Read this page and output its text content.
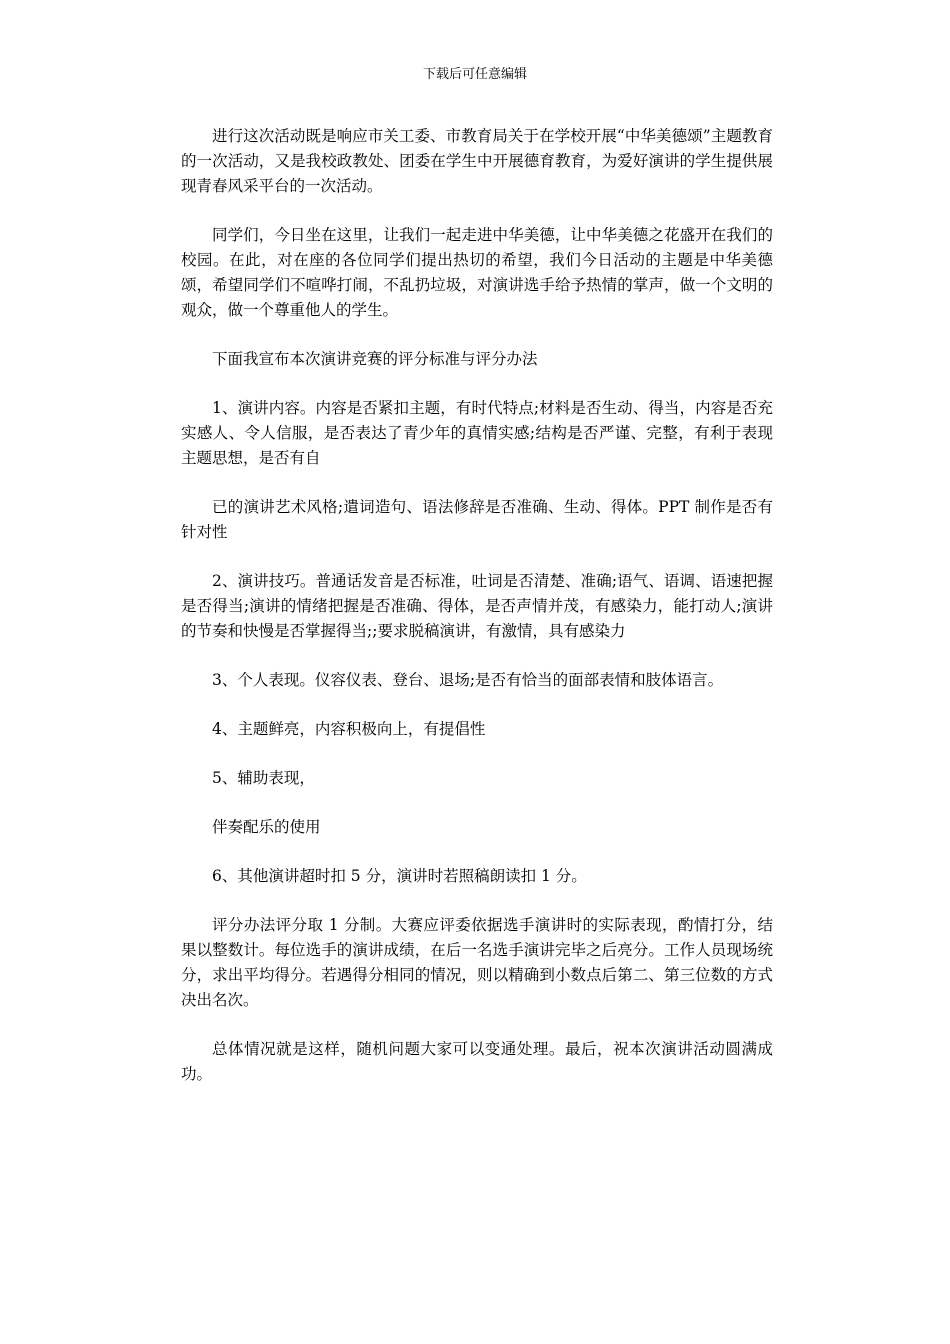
下载后可任意编辑

进行这次活动既是响应市关工委、市教育局关于在学校开展“中华美德颂”主题教育的一次活动，又是我校政教处、团委在学生中开展德育教育，为爱好演讲的学生提供展现青春风采平台的一次活动。

同学们，今日坐在这里，让我们一起走进中华美德，让中华美德之花盛开在我们的校园。在此，对在座的各位同学们提出热切的希望，我们今日活动的主题是中华美德颂，希望同学们不喧哗打闹，不乱扔垃圾，对演讲选手给予热情的掌声，做一个文明的观众，做一个尊重他人的学生。

下面我宣布本次演讲竞赛的评分标准与评分办法

1、演讲内容。内容是否紧扣主题，有时代特点;材料是否生动、得当，内容是否充实感人、令人信服，是否表达了青少年的真情实感;结构是否严谨、完整，有利于表现主题思想，是否有自

已的演讲艺术风格;遣词造句、语法修辞是否准确、生动、得体。PPT 制作是否有针对性

2、演讲技巧。普通话发音是否标准，吐词是否清楚、准确;语气、语调、语速把握是否得当;演讲的情绪把握是否准确、得体，是否声情并茂，有感染力，能打动人;演讲的节奏和快慢是否掌握得当;;要求脱稿演讲，有激情，具有感染力

3、个人表现。仪容仪表、登台、退场;是否有恰当的面部表情和肢体语言。

4、主题鲜亮，内容积极向上，有提倡性

5、辅助表现，

伴奏配乐的使用

6、其他演讲超时扣 5 分，演讲时若照稿朗读扣 1 分。

评分办法评分取 1 分制。大赛应评委依据选手演讲时的实际表现，酌情打分，结果以整数计。每位选手的演讲成绩，在后一名选手演讲完毕之后亮分。工作人员现场统分，求出平均得分。若遇得分相同的情况，则以精确到小数点后第二、第三位数的方式决出名次。

总体情况就是这样，随机问题大家可以变通处理。最后，祝本次演讲活动圆满成功。
